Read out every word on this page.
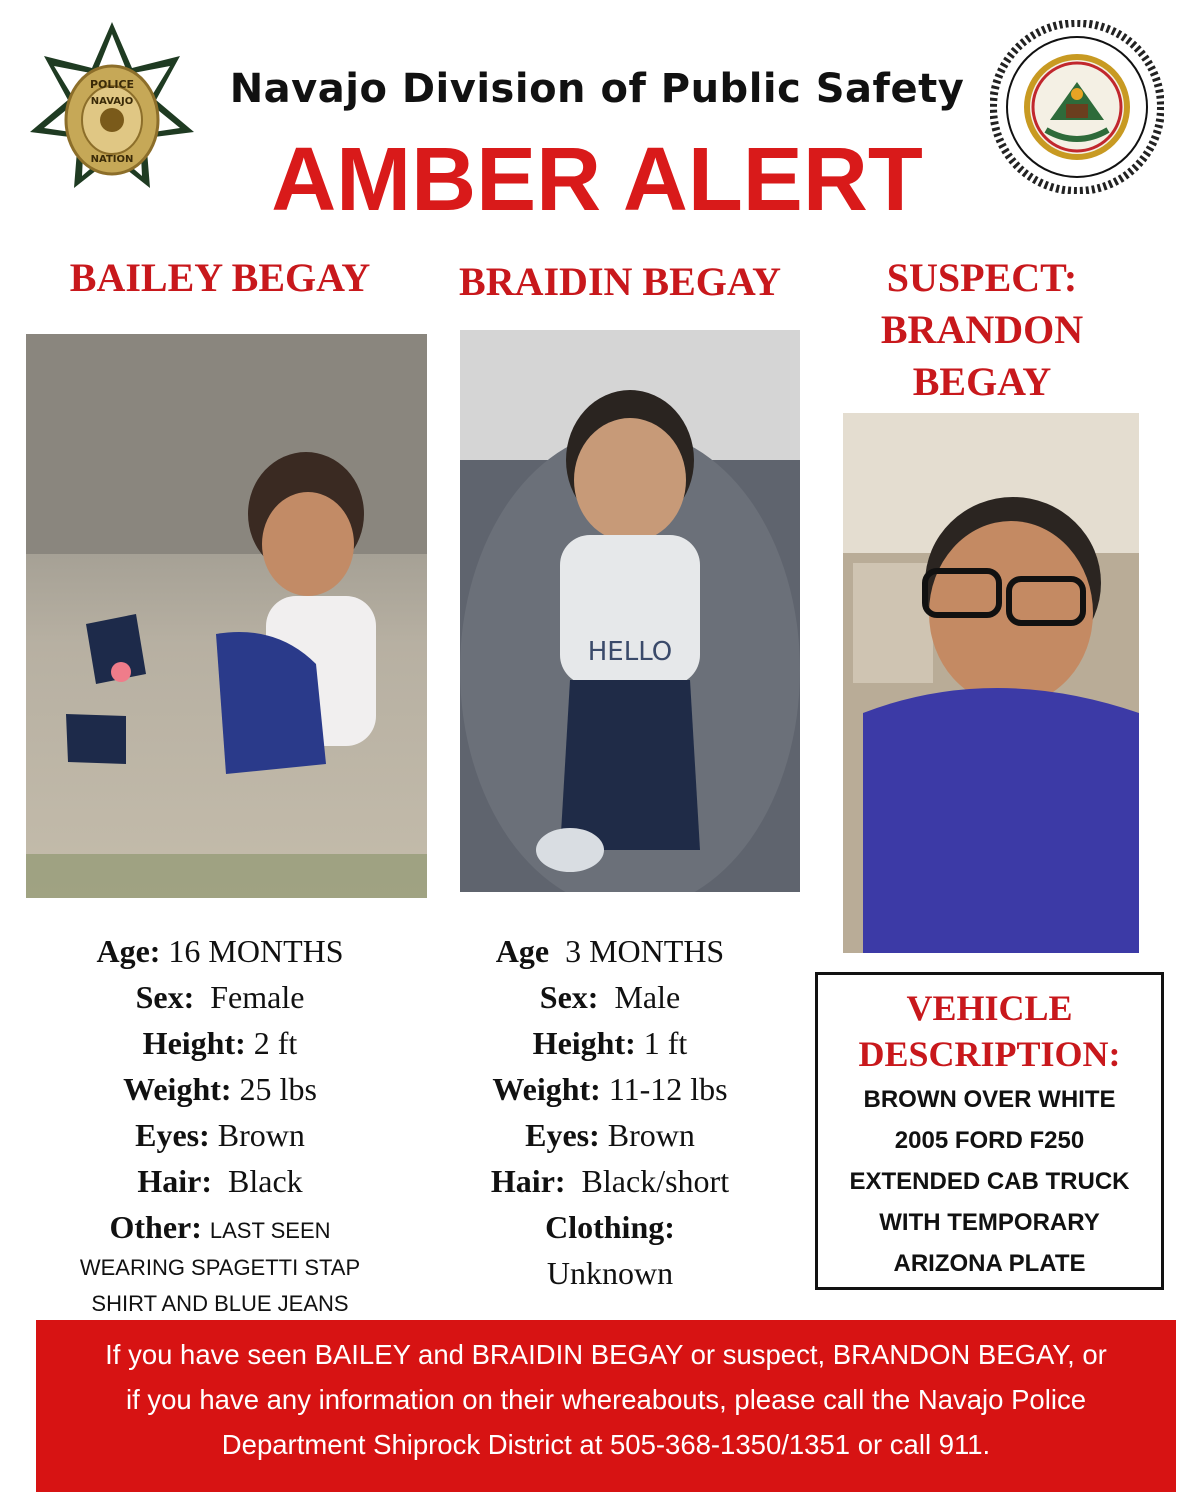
POLICE
NAVAJO
NATION
Navajo Division of Public Safety
AMBER ALERT
BAILEY BEGAY	BRAIDIN BEGAY	SUSPECT:
BRANDON
BEGAY
HELLO
Age: 16 MONTHS
Sex: Female
Height: 2 ft
Weight: 25 lbs
Eyes: Brown
Hair: Black
Other: LAST SEEN
WEARING SPAGETTI STAP
SHIRT AND BLUE JEANS
Age 3 MONTHS
Sex: Male
Height: 1 ft
Weight: 11-12 lbs
Eyes: Brown
Hair: Black/short
Clothing:
Unknown
VEHICLE
DESCRIPTION:
BROWN OVER WHITE
2005 FORD F250
EXTENDED CAB TRUCK
WITH TEMPORARY
ARIZONA PLATE
If you have seen BAILEY and BRAIDIN BEGAY or suspect, BRANDON BEGAY, or
if you have any information on their whereabouts, please call the Navajo Police
Department Shiprock District at 505-368-1350/1351 or call 911.
